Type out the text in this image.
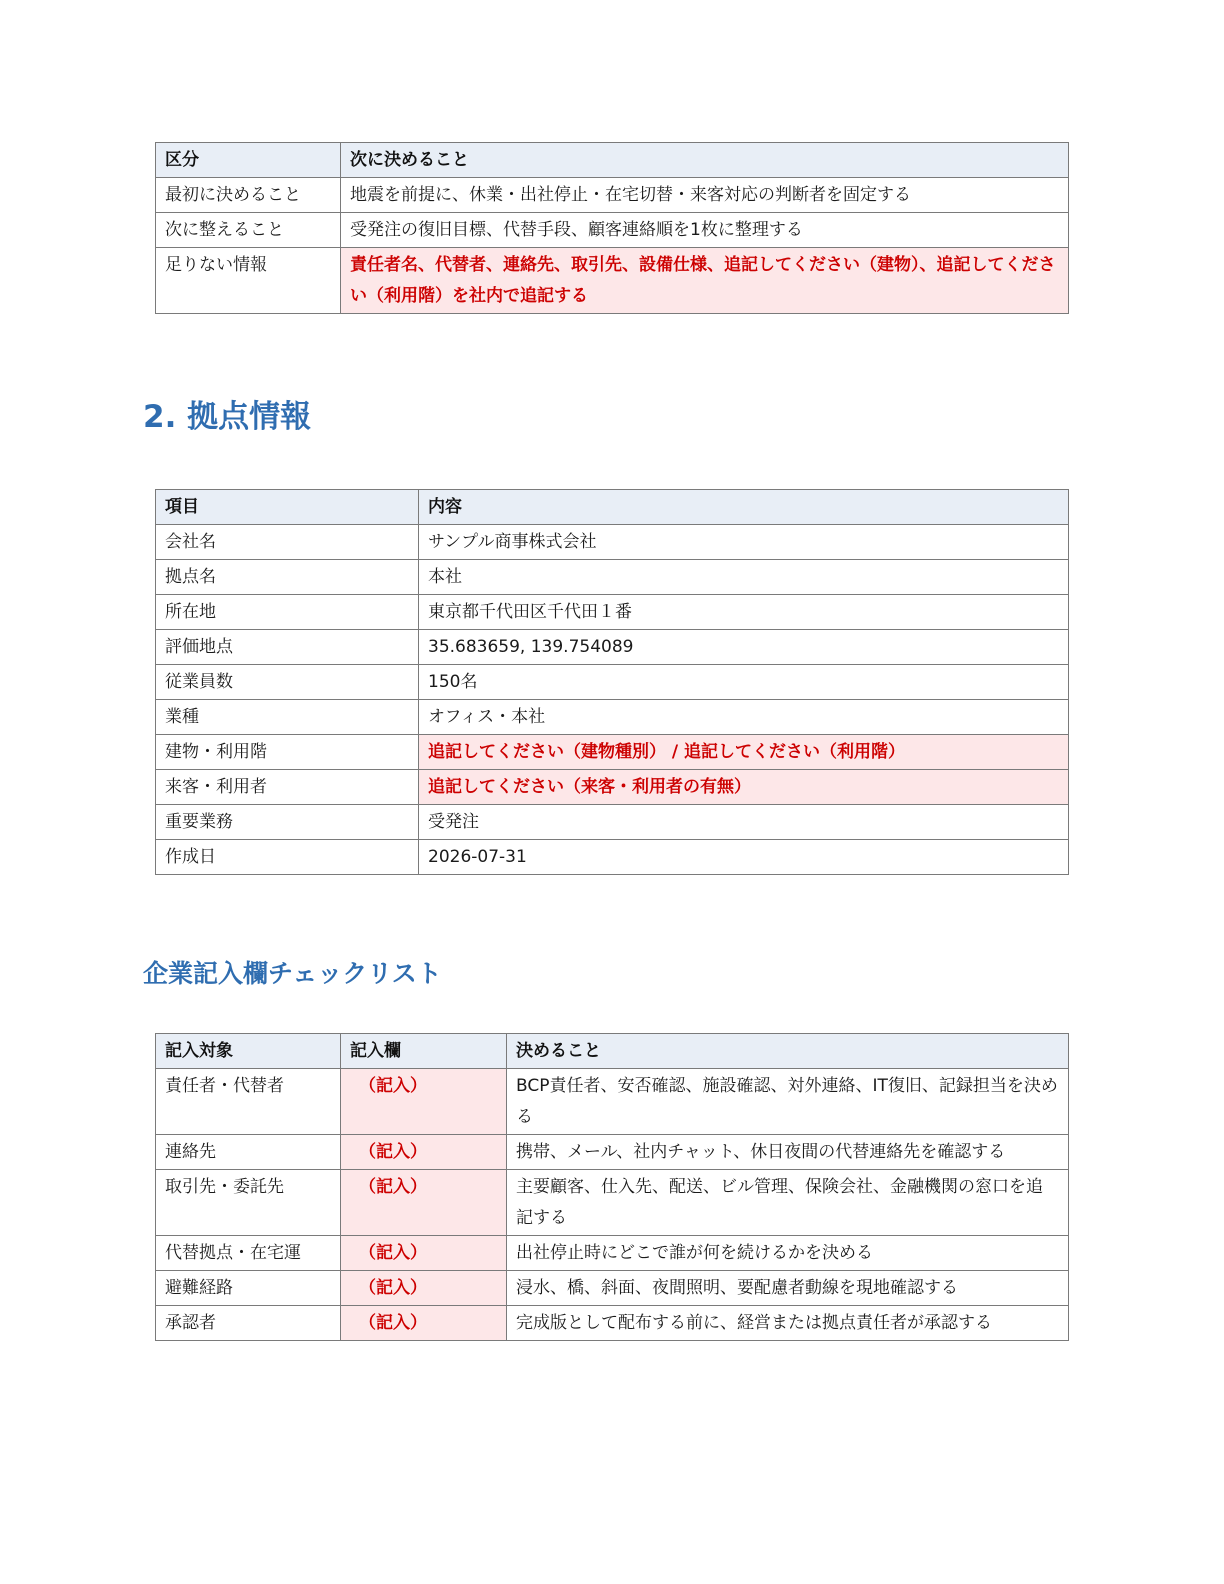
区分	次に決めること
最初に決めること	地震を前提に、休業・出社停止・在宅切替・来客対応の判断者を固定する
次に整えること	受発注の復旧目標、代替手段、顧客連絡順を1枚に整理する
足りない情報	責任者名、代替者、連絡先、取引先、設備仕様、追記してください（建物）、追記してください（利用階）を社内で追記する
2. 拠点情報
項目	内容
会社名	サンプル商事株式会社
拠点名	本社
所在地	東京都千代田区千代田１番
評価地点	35.683659, 139.754089
従業員数	150名
業種	オフィス・本社
建物・利用階	追記してください（建物種別） / 追記してください（利用階）
来客・利用者	追記してください（来客・利用者の有無）
重要業務	受発注
作成日	2026-07-31
企業記入欄チェックリスト
記入対象	記入欄	決めること
責任者・代替者	（記入）	BCP責任者、安否確認、施設確認、対外連絡、IT復旧、記録担当を決める
連絡先	（記入）	携帯、メール、社内チャット、休日夜間の代替連絡先を確認する
取引先・委託先	（記入）	主要顧客、仕入先、配送、ビル管理、保険会社、金融機関の窓口を追記する
代替拠点・在宅運	（記入）	出社停止時にどこで誰が何を続けるかを決める
避難経路	（記入）	浸水、橋、斜面、夜間照明、要配慮者動線を現地確認する
承認者	（記入）	完成版として配布する前に、経営または拠点責任者が承認する
